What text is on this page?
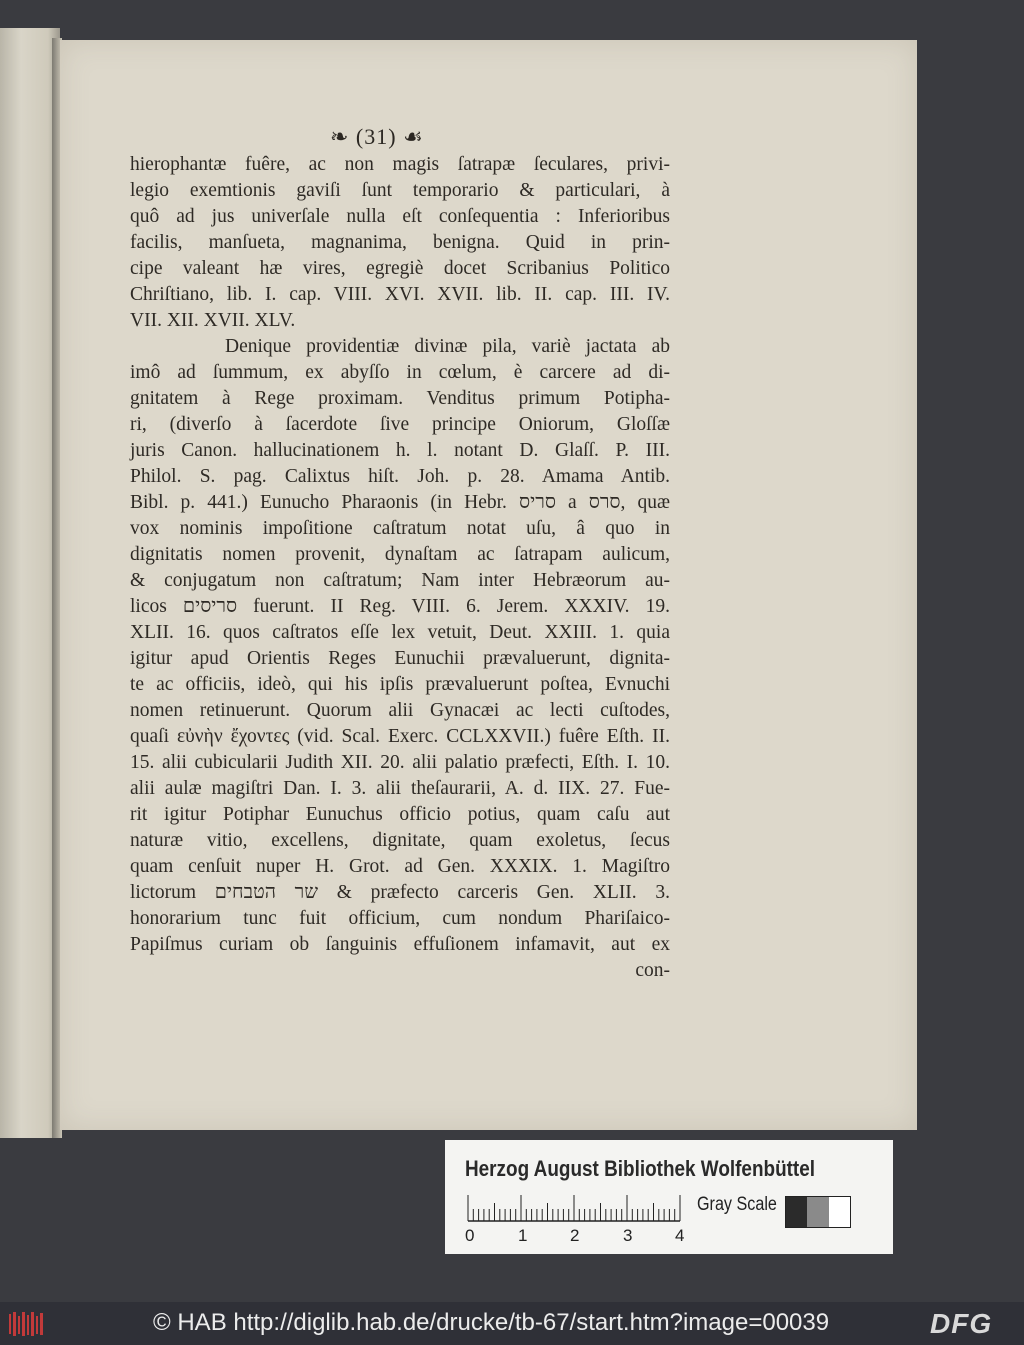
❧ (31) ☙
hierophantæ fuêre, ac non magis ſatrapæ ſeculares, privi-
legio exemtionis gaviſi ſunt temporario & particulari, à
quô ad jus univerſale nulla eſt conſequentia : Inferioribus
facilis, manſueta, magnanima, benigna. Quid in prin-
cipe valeant hæ vires, egregiè docet Scribanius Politico
Chriſtiano, lib. I. cap. VIII. XVI. XVII. lib. II. cap. III. IV.
VII. XII. XVII. XLV.
Denique providentiæ divinæ pila, variè jactata ab
imô ad ſummum, ex abyſſo in cœlum, è carcere ad di-
gnitatem à Rege proximam. Venditus primum Potipha-
ri, (diverſo à ſacerdote ſive principe Oniorum, Gloſſæ
juris Canon. hallucinationem h. l. notant D. Glaſſ. P. III.
Philol. S. pag. Calixtus hiſt. Joh. p. 28. Amama Antib.
Bibl. p. 441.) Eunucho Pharaonis (in Hebr. סריס a סרס, quæ
vox nominis impoſitione caſtratum notat uſu, â quo in
dignitatis nomen provenit, dynaſtam ac ſatrapam aulicum,
& conjugatum non caſtratum; Nam inter Hebræorum au-
licos סריסים fuerunt. II Reg. VIII. 6. Jerem. XXXIV. 19.
XLII. 16. quos caſtratos eſſe lex vetuit, Deut. XXIII. 1. quia
igitur apud Orientis Reges Eunuchii prævaluerunt, dignita-
te ac officiis, ideò, qui his ipſis prævaluerunt poſtea, Evnuchi
nomen retinuerunt. Quorum alii Gynacæi ac lecti cuſtodes,
quaſi εὐνὴν ἔχοντες (vid. Scal. Exerc. CCLXXVII.) fuêre Eſth. II.
15. alii cubicularii Judith XII. 20. alii palatio præfecti, Eſth. I. 10.
alii aulæ magiſtri Dan. I. 3. alii theſaurarii, A. d. IIX. 27. Fue-
rit igitur Potiphar Eunuchus officio potius, quam caſu aut
naturæ vitio, excellens, dignitate, quam exoletus, ſecus
quam cenſuit nuper H. Grot. ad Gen. XXXIX. 1. Magiſtro
lictorum שר הטבחים & præfecto carceris Gen. XLII. 3.
honorarium tunc fuit officium, cum nondum Phariſaico-
Papiſmus curiam ob ſanguinis effuſionem infamavit, aut ex
con-
Herzog August Bibliothek Wolfenbüttel
0	1	2	3	4
Gray Scale
© HAB http://diglib.hab.de/drucke/tb-67/start.htm?image=00039	DFG
